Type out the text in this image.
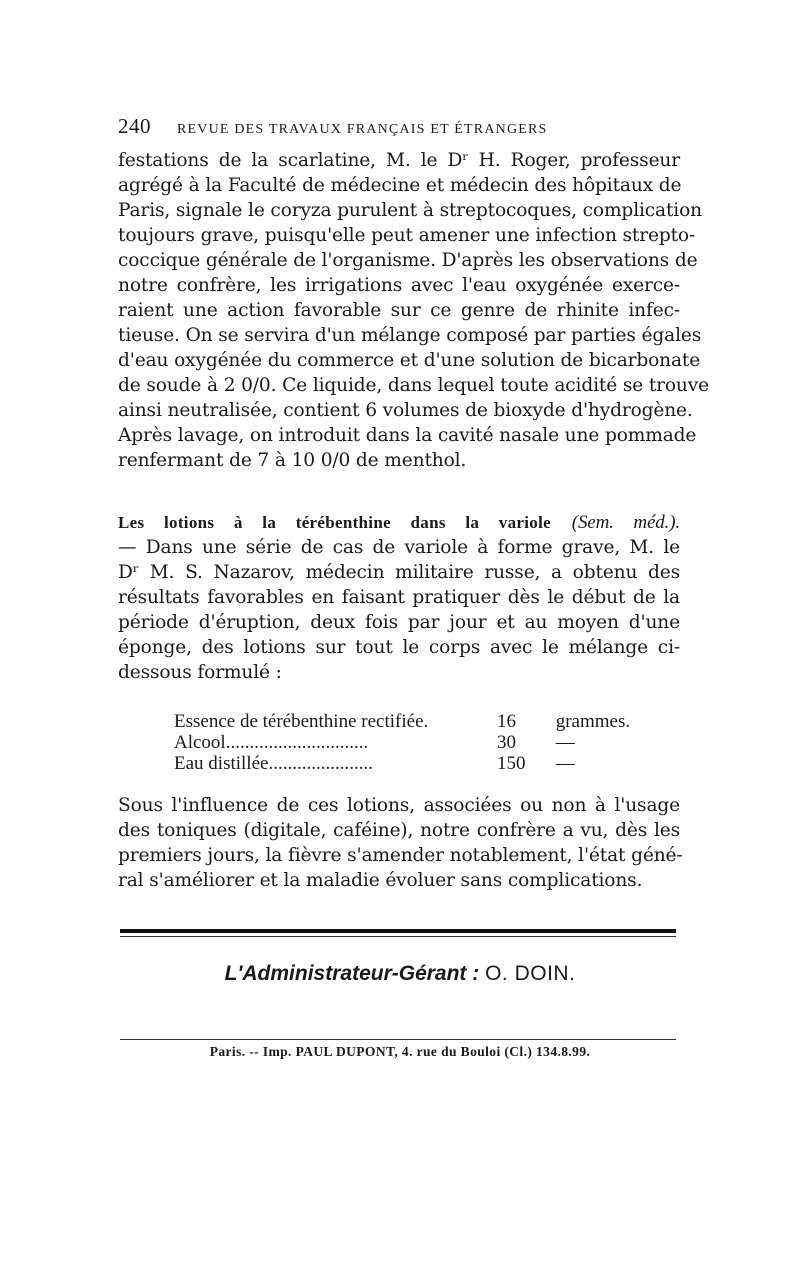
240 REVUE DES TRAVAUX FRANÇAIS ET ÉTRANGERS
festations de la scarlatine, M. le Dʳ H. Roger, professeur
agrégé à la Faculté de médecine et médecin des hôpitaux de
Paris, signale le coryza purulent à streptocoques, complication
toujours grave, puisqu'elle peut amener une infection strepto-
coccique générale de l'organisme. D'après les observations de
notre confrère, les irrigations avec l'eau oxygénée exerce-
raient une action favorable sur ce genre de rhinite infec-
tieuse. On se servira d'un mélange composé par parties égales
d'eau oxygénée du commerce et d'une solution de bicarbonate
de soude à 2 0/0. Ce liquide, dans lequel toute acidité se trouve
ainsi neutralisée, contient 6 volumes de bioxyde d'hydrogène.
Après lavage, on introduit dans la cavité nasale une pommade
renfermant de 7 à 10 0/0 de menthol.
Les lotions à la térébenthine dans la variole (Sem. méd.).
— Dans une série de cas de variole à forme grave, M. le
Dʳ M. S. Nazarov, médecin militaire russe, a obtenu des
résultats favorables en faisant pratiquer dès le début de la
période d'éruption, deux fois par jour et au moyen d'une
éponge, des lotions sur tout le corps avec le mélange ci-
dessous formulé :
Essence de térébenthine rectifiée.	16	grammes.
Alcool..............................	30	—
Eau distillée......................	150	—
Sous l'influence de ces lotions, associées ou non à l'usage
des toniques (digitale, caféine), notre confrère a vu, dès les
premiers jours, la fièvre s'amender notablement, l'état géné-
ral s'améliorer et la maladie évoluer sans complications.
L'Administrateur-Gérant : O. DOIN.
Paris. -- Imp. PAUL DUPONT, 4. rue du Bouloi (Cl.) 134.8.99.
